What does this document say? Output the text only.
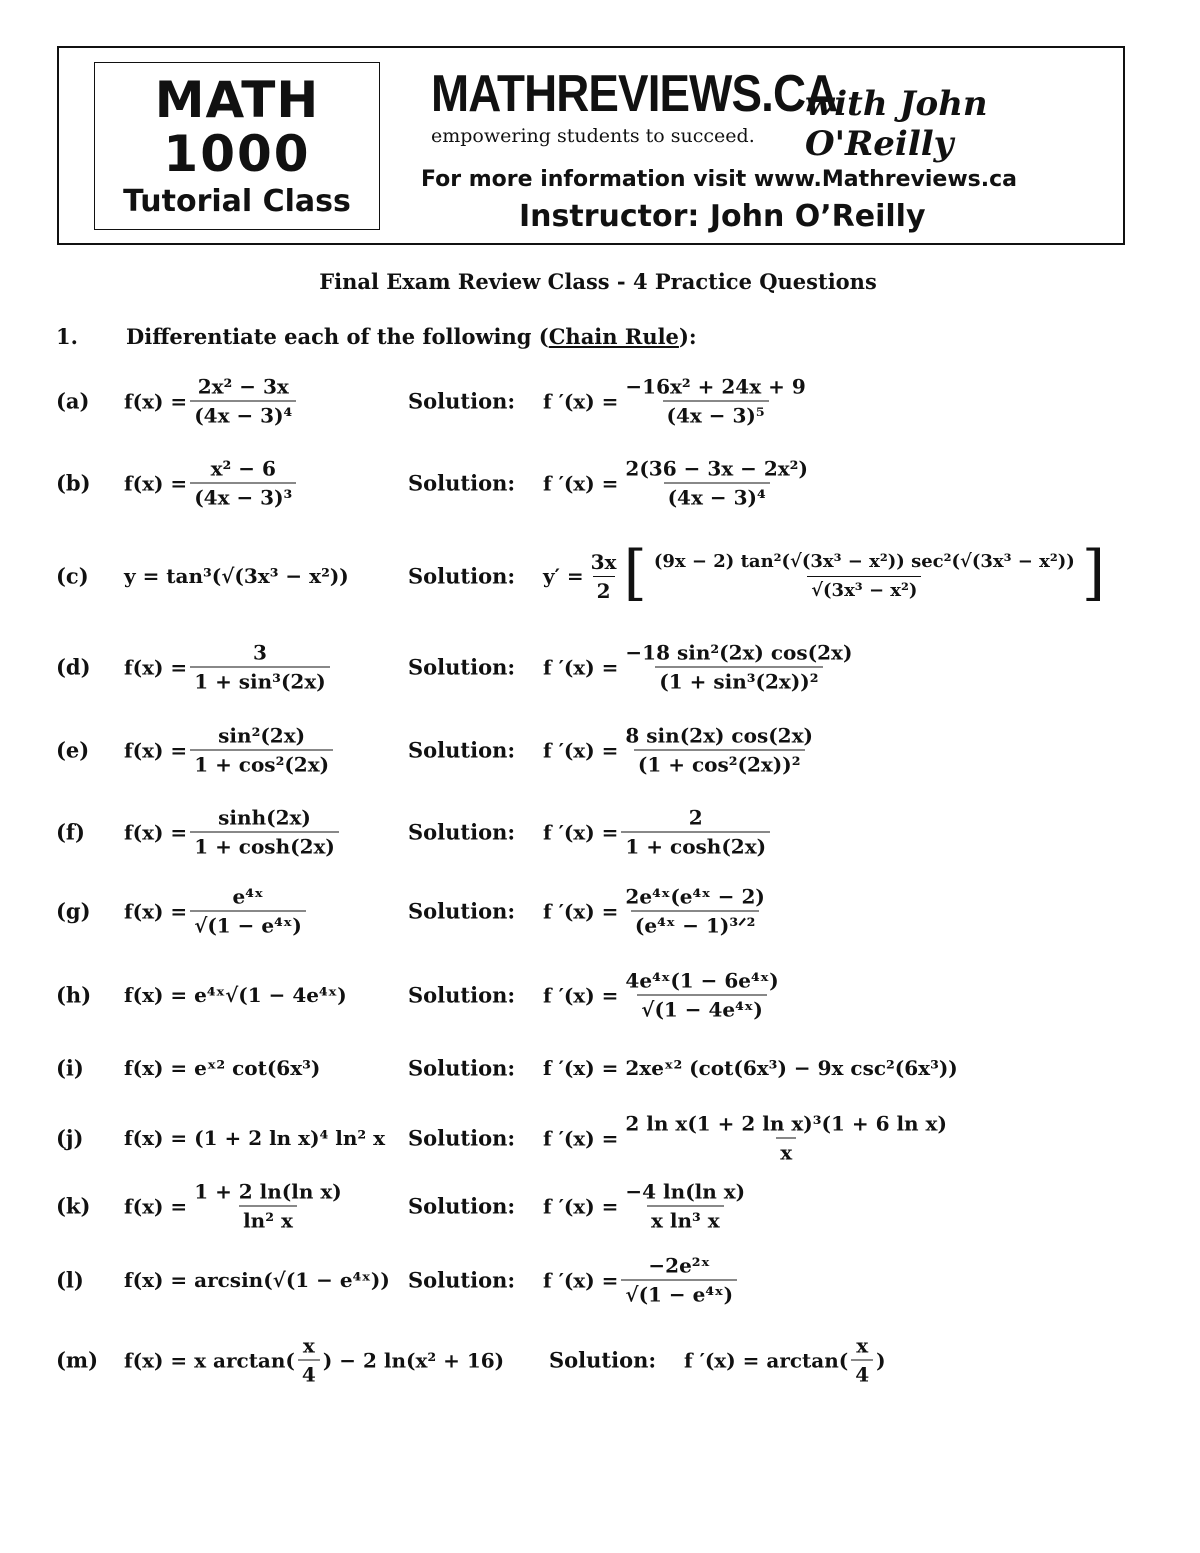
MATH
1000
Tutorial Class
MATHREVIEWS.CA
with John O'Reilly
empowering students to succeed.
For more information visit www.Mathreviews.ca
Instructor: John O’Reilly
Final Exam Review Class - 4 Practice Questions
1. Differentiate each of the following (Chain Rule):
(a) $f(x) = \frac{\text{2x² − 3x}}{\text{(4x − 3)⁴}}$	Solution: f $'(x) = \frac{\text{−16x² + 24x + 9}}{\text{(4x − 3)⁵}}$
(b) $f(x) = \frac{\text{x² − 6}}{\text{(4x − 3)³}}$	Solution: f $'(x) = \frac{\text{2(36 − 3x − 2x²)}}{\text{(4x − 3)⁴}}$
(c) y = tan³(√(3x³ − x²))	Solution: $y' = \frac{3x}{2}$ [ $\frac{\text{(9x − 2) tan²(√(3x³ − x²)) sec²(√(3x³ − x²))}}{\text{√(3x³ − x²)}}$ ]
(d) $f(x) = \frac{3}{\text{1 + sin³(2x)}}$	Solution: f $'(x) = \frac{\text{−18 sin²(2x) cos(2x)}}{\text{(1 + sin³(2x))²}}$
(e) $f(x) = \frac{\text{sin²(2x)}}{\text{1 + cos²(2x)}}$	Solution: f $'(x) = \frac{8 \sin(2x) \cos(2x)}{\text{(1 + cos²(2x))²}}$
(f) $f(x) = \frac{\sinh(2x)}{1 + \cosh(2x)}$	Solution: f $'(x) = \frac{2}{1 + \cosh(2x)}$
(g) $f(x) = \frac{\text{e⁴ˣ}}{\text{√(1 − e⁴ˣ)}}$	Solution: f $'(x) = \frac{\text{2e⁴ˣ(e⁴ˣ − 2)}}{\text{(e⁴ˣ − 1)³ᐟ²}}$
(h) f(x) = e⁴ˣ√(1 − 4e⁴ˣ)	Solution: f $'(x) = \frac{\text{4e⁴ˣ(1 − 6e⁴ˣ)}}{\text{√(1 − 4e⁴ˣ)}}$
(i) f(x) = eˣ² cot(6x³)	Solution: f ′(x) = 2xeˣ² (cot(6x³) − 9x csc²(6x³))
(j) f(x) = (1 + 2 ln x)⁴ ln² x Solution: f $'(x) = \frac{\text{2 ln x(1 + 2 ln x)³(1 + 6 ln x)}}{x}$
(k) $f(x) = \frac{\text{1 + 2 ln(ln x)}}{\text{ln² x}}$	Solution: f $'(x) = \frac{\text{−4 ln(ln x)}}{\text{x ln³ x}}$
(l) f(x) = arcsin(√(1 − e⁴ˣ)) Solution: f $'(x) = \frac{\text{−2e²ˣ}}{\text{√(1 − e⁴ˣ)}}$
(m) f(x) = x $\arctan( \frac{x}{4}$ ) − 2 ln(x² + 16) Solution: f $'(x) = \arctan( \frac{x}{4}$ )
